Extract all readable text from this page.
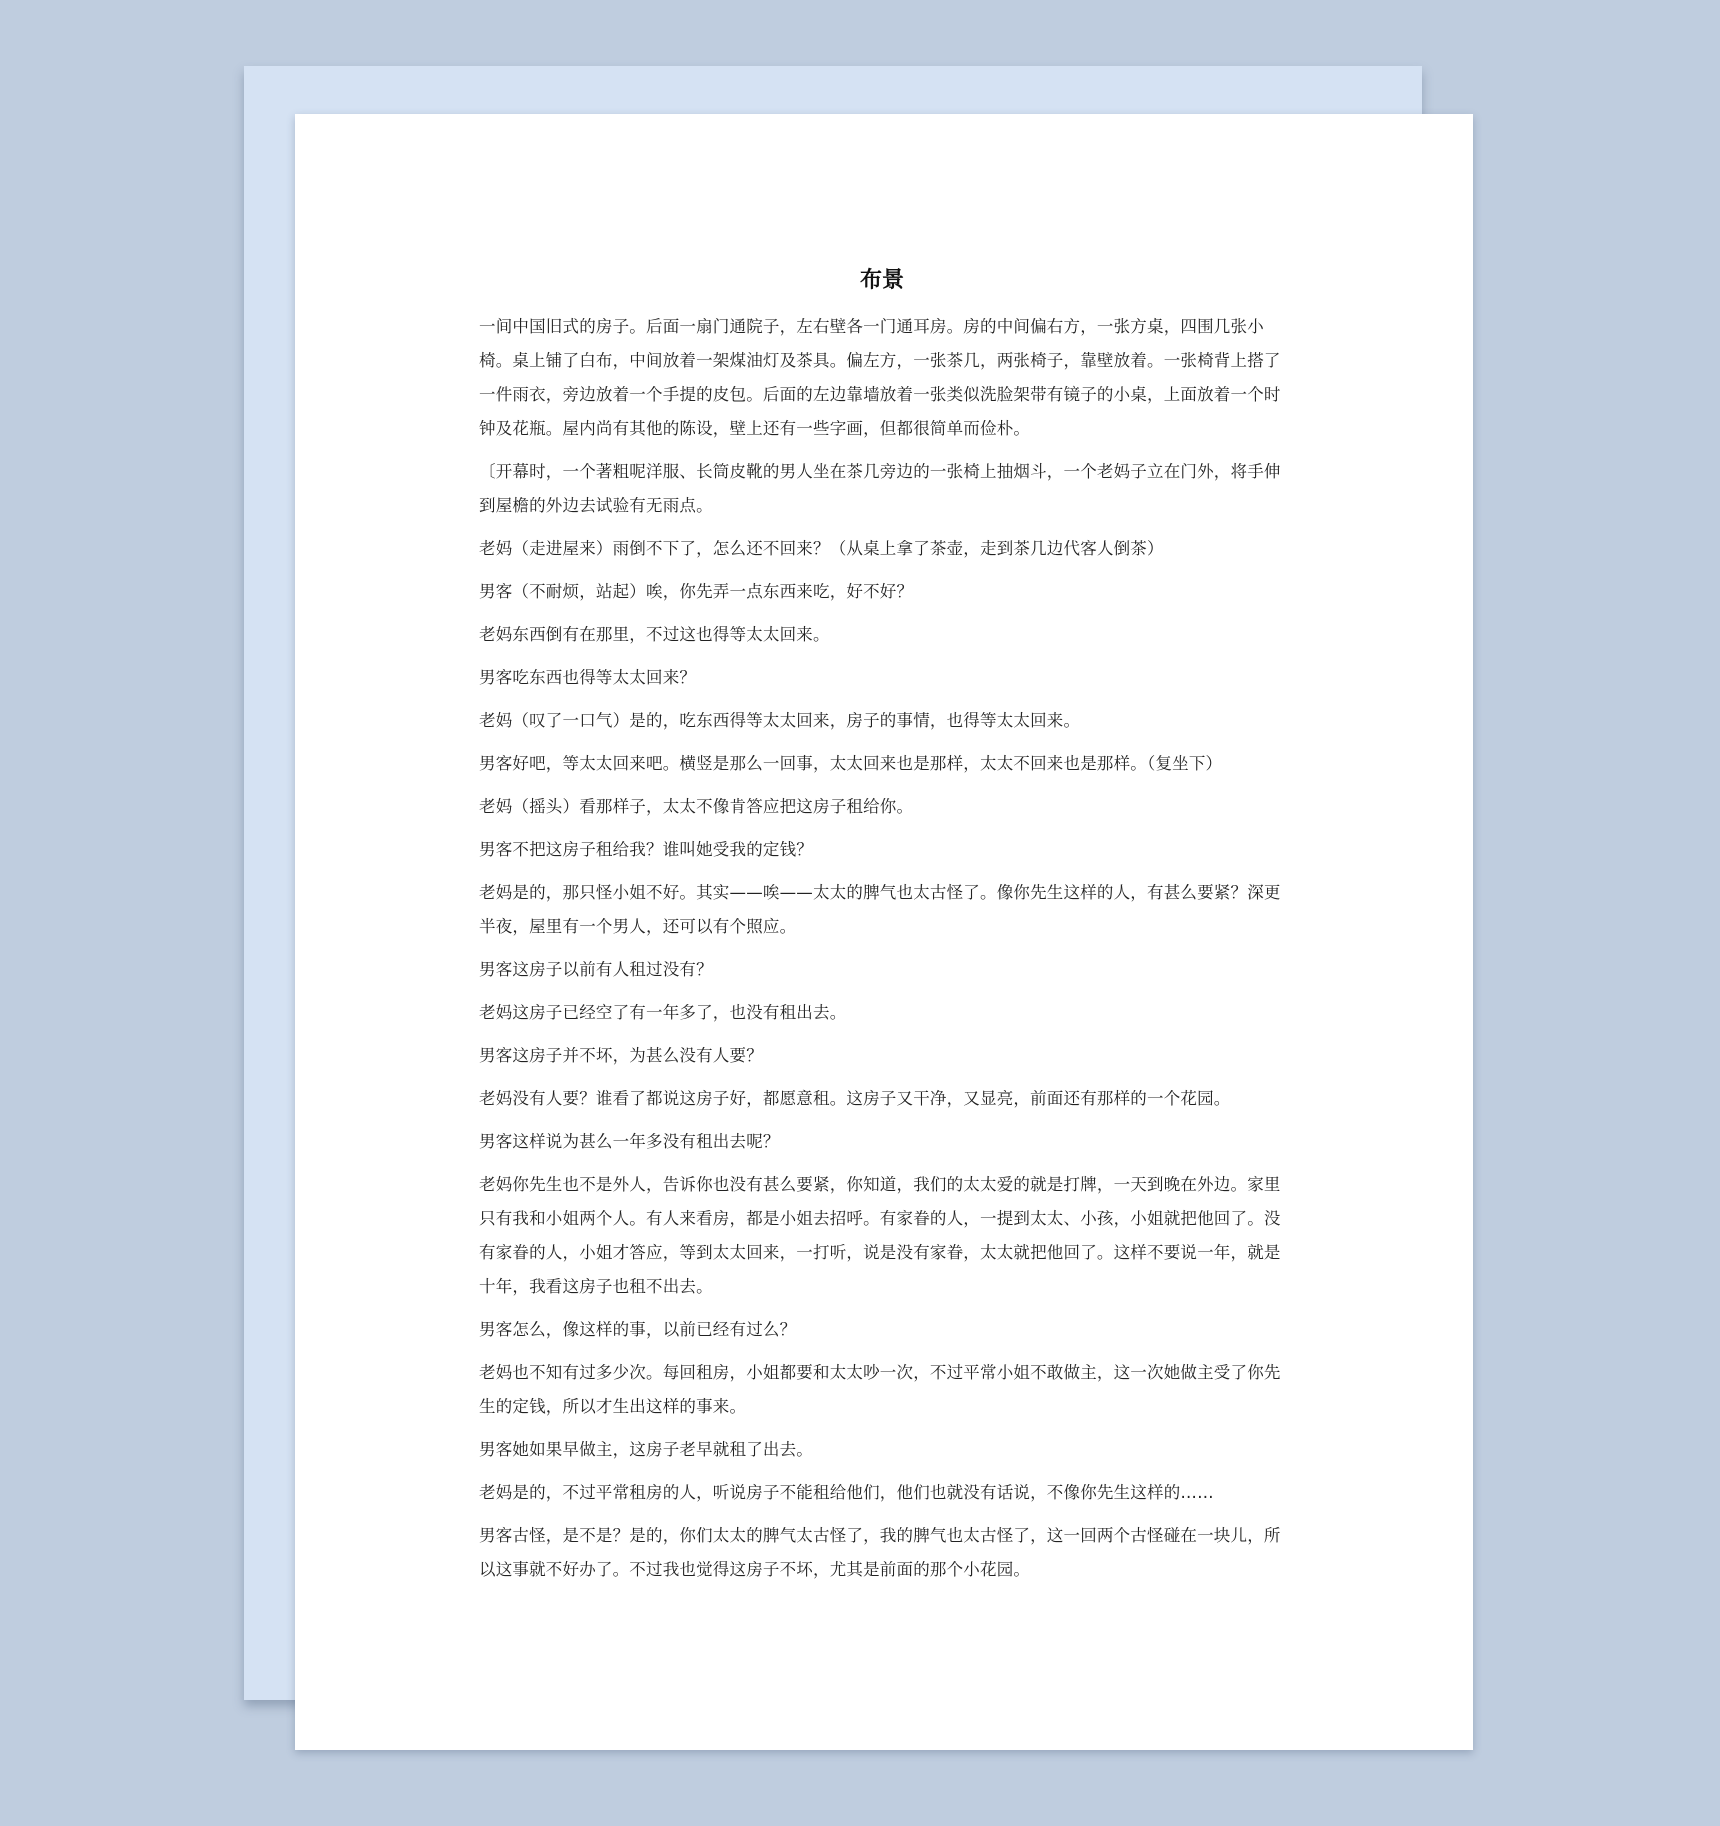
布景

一间中国旧式的房子。后面一扇门通院子，左右壁各一门通耳房。房的中间偏右方，一张方桌，四围几张小椅。桌上铺了白布，中间放着一架煤油灯及茶具。偏左方，一张茶几，两张椅子，靠壁放着。一张椅背上搭了一件雨衣，旁边放着一个手提的皮包。后面的左边靠墙放着一张类似洗脸架带有镜子的小桌，上面放着一个时钟及花瓶。屋内尚有其他的陈设，壁上还有一些字画，但都很简单而俭朴。

〔开幕时，一个著粗呢洋服、长筒皮靴的男人坐在茶几旁边的一张椅上抽烟斗，一个老妈子立在门外，将手伸到屋檐的外边去试验有无雨点。

老妈（走进屋来）雨倒不下了，怎么还不回来？（从桌上拿了茶壶，走到茶几边代客人倒茶）

男客（不耐烦，站起）唉，你先弄一点东西来吃，好不好？

老妈东西倒有在那里，不过这也得等太太回来。

男客吃东西也得等太太回来？

老妈（叹了一口气）是的，吃东西得等太太回来，房子的事情，也得等太太回来。

男客好吧，等太太回来吧。横竖是那么一回事，太太回来也是那样，太太不回来也是那样。（复坐下）

老妈（摇头）看那样子，太太不像肯答应把这房子租给你。

男客不把这房子租给我？谁叫她受我的定钱？

老妈是的，那只怪小姐不好。其实——唉——太太的脾气也太古怪了。像你先生这样的人，有甚么要紧？深更半夜，屋里有一个男人，还可以有个照应。

男客这房子以前有人租过没有？

老妈这房子已经空了有一年多了，也没有租出去。

男客这房子并不坏，为甚么没有人要？

老妈没有人要？谁看了都说这房子好，都愿意租。这房子又干净，又显亮，前面还有那样的一个花园。

男客这样说为甚么一年多没有租出去呢？

老妈你先生也不是外人，告诉你也没有甚么要紧，你知道，我们的太太爱的就是打牌，一天到晚在外边。家里只有我和小姐两个人。有人来看房，都是小姐去招呼。有家眷的人，一提到太太、小孩，小姐就把他回了。没有家眷的人，小姐才答应，等到太太回来，一打听，说是没有家眷，太太就把他回了。这样不要说一年，就是十年，我看这房子也租不出去。

男客怎么，像这样的事，以前已经有过么？

老妈也不知有过多少次。每回租房，小姐都要和太太吵一次，不过平常小姐不敢做主，这一次她做主受了你先生的定钱，所以才生出这样的事来。

男客她如果早做主，这房子老早就租了出去。

老妈是的，不过平常租房的人，听说房子不能租给他们，他们也就没有话说，不像你先生这样的……

男客古怪，是不是？是的，你们太太的脾气太古怪了，我的脾气也太古怪了，这一回两个古怪碰在一块儿，所以这事就不好办了。不过我也觉得这房子不坏，尤其是前面的那个小花园。
